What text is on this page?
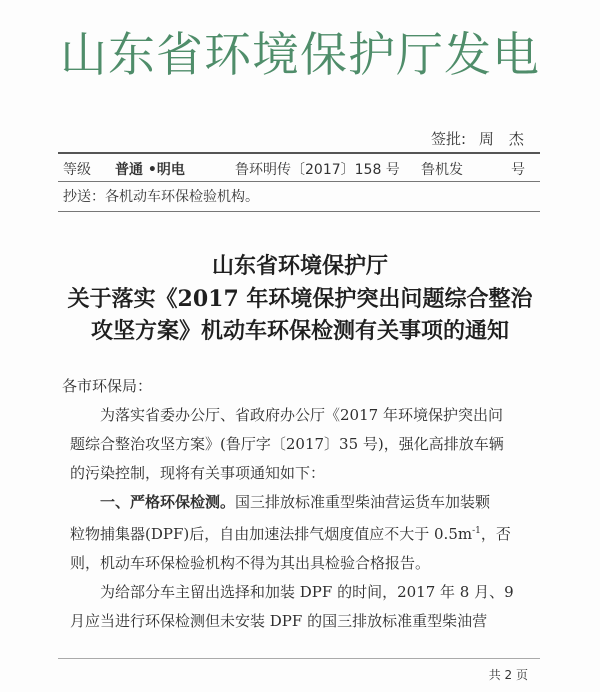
山东省环境保护厅发电
签批: 周　杰
等级 普通 •明电	鲁环明传〔2017〕158 号 鲁机发	号
抄送：各机动车环保检验机构。
山东省环境保护厅
关于落实《2017 年环境保护突出问题综合整治
攻坚方案》机动车环保检测有关事项的通知
各市环保局：
为落实省委办公厅、省政府办公厅《2017 年环境保护突出问
题综合整治攻坚方案》(鲁厅字〔2017〕35 号)，强化高排放车辆
的污染控制，现将有关事项通知如下：
一、严格环保检测。国三排放标准重型柴油营运货车加装颗
粒物捕集器(DPF)后，自由加速法排气烟度值应不大于 $0.5m^{-1}$，否
则，机动车环保检验机构不得为其出具检验合格报告。
为给部分车主留出选择和加装 DPF 的时间，2017 年 8 月、9
月应当进行环保检测但未安装 DPF 的国三排放标准重型柴油营
共 2 页
